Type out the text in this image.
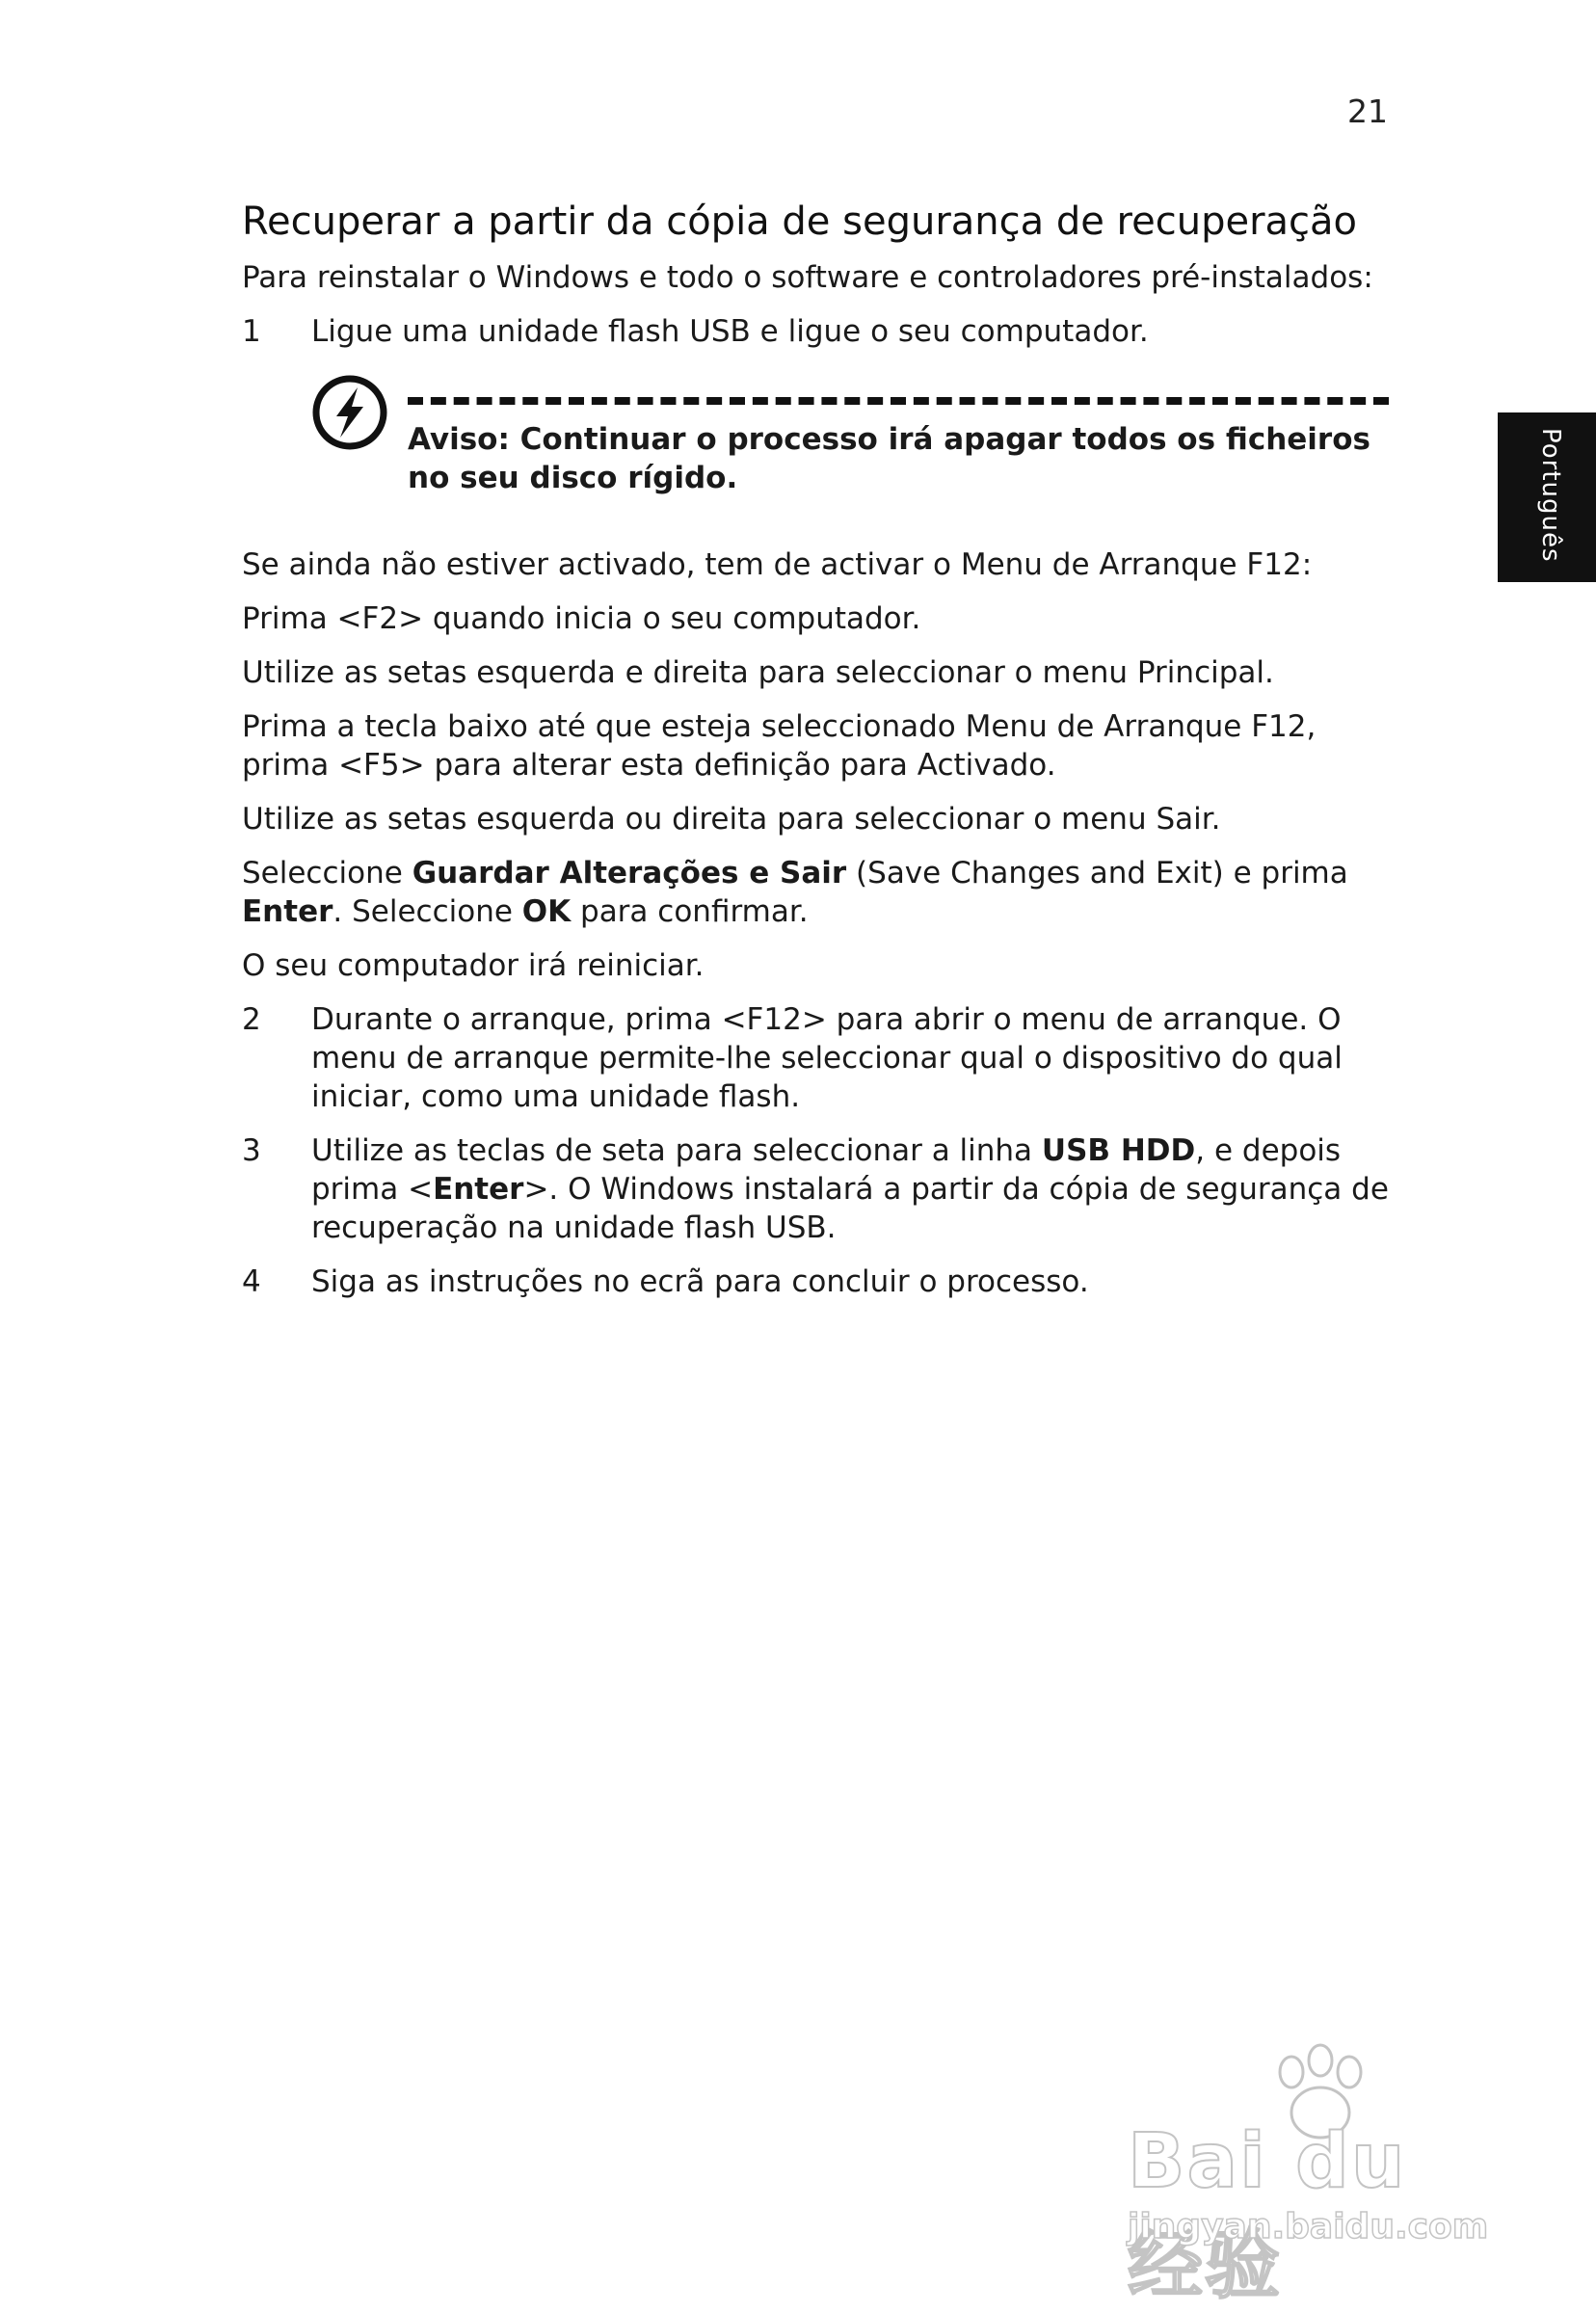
21
Português
Recuperar a partir da cópia de segurança de recuperação

Para reinstalar o Windows e todo o software e controladores pré-instalados:

1	Ligue uma unidade flash USB e ligue o seu computador.
Aviso: Continuar o processo irá apagar todos os ficheiros no seu disco rígido.

Se ainda não estiver activado, tem de activar o Menu de Arranque F12:

Prima <F2> quando inicia o seu computador.

Utilize as setas esquerda e direita para seleccionar o menu Principal.

Prima a tecla baixo até que esteja seleccionado Menu de Arranque F12, prima <F5> para alterar esta definição para Activado.

Utilize as setas esquerda ou direita para seleccionar o menu Sair.

Seleccione Guardar Alterações e Sair (Save Changes and Exit) e prima Enter. Seleccione OK para confirmar.

O seu computador irá reiniciar.

2	Durante o arranque, prima <F12> para abrir o menu de arranque. O menu de arranque permite-lhe seleccionar qual o dispositivo do qual iniciar, como uma unidade flash.
3	Utilize as teclas de seta para seleccionar a linha USB HDD, e depois prima <Enter>. O Windows instalará a partir da cópia de segurança de recuperação na unidade flash USB.
4	Siga as instruções no ecrã para concluir o processo.
Bai du 经验
jingyan.baidu.com
